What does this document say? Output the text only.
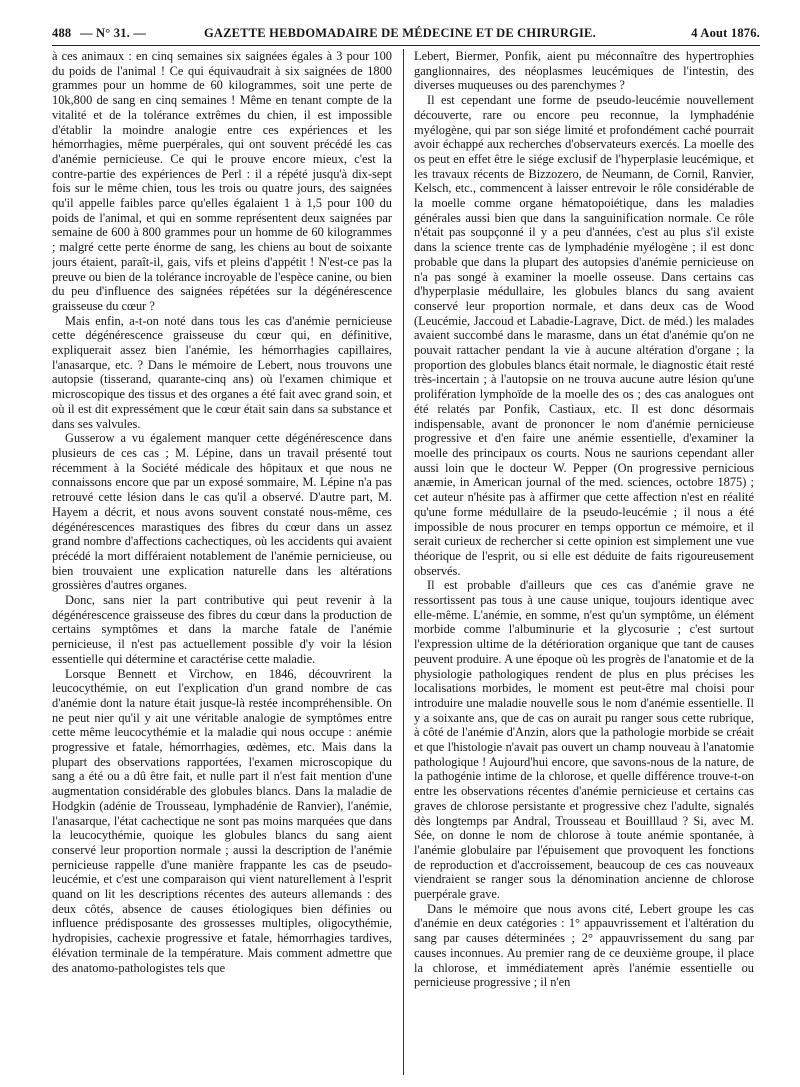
488 — N° 31. —	GAZETTE HEBDOMADAIRE DE MÉDECINE ET DE CHIRURGIE.	4 Aout 1876.

à ces animaux : en cinq semaines six saignées égales à 3 pour 100 du poids de l'animal ! Ce qui équivaudrait à six saignées de 1800 grammes pour un homme de 60 kilogrammes, soit une perte de 10k,800 de sang en cinq semaines ! Même en tenant compte de la vitalité et de la tolérance extrêmes du chien, il est impossible d'établir la moindre analogie entre ces expériences et les hémorrhagies, même puerpérales, qui ont souvent précédé les cas d'anémie pernicieuse. Ce qui le prouve encore mieux, c'est la contre-partie des expériences de Perl : il a répété jusqu'à dix-sept fois sur le même chien, tous les trois ou quatre jours, des saignées qu'il appelle faibles parce qu'elles égalaient 1 à 1,5 pour 100 du poids de l'animal, et qui en somme représentent deux saignées par semaine de 600 à 800 grammes pour un homme de 60 kilogrammes ; malgré cette perte énorme de sang, les chiens au bout de soixante jours étaient, paraît-il, gais, vifs et pleins d'appétit ! N'est-ce pas la preuve ou bien de la tolérance incroyable de l'espèce canine, ou bien du peu d'influence des saignées répétées sur la dégénérescence graisseuse du cœur ?

Mais enfin, a-t-on noté dans tous les cas d'anémie pernicieuse cette dégénérescence graisseuse du cœur qui, en définitive, expliquerait assez bien l'anémie, les hémorrhagies capillaires, l'anasarque, etc. ? Dans le mémoire de Lebert, nous trouvons une autopsie (tisserand, quarante-cinq ans) où l'examen chimique et microscopique des tissus et des organes a été fait avec grand soin, et où il est dit expressément que le cœur était sain dans sa substance et dans ses valvules.

Gusserow a vu également manquer cette dégénérescence dans plusieurs de ces cas ; M. Lépine, dans un travail présenté tout récemment à la Société médicale des hôpitaux et que nous ne connaissons encore que par un exposé sommaire, M. Lépine n'a pas retrouvé cette lésion dans le cas qu'il a observé. D'autre part, M. Hayem a décrit, et nous avons souvent constaté nous-même, ces dégénérescences marastiques des fibres du cœur dans un assez grand nombre d'affections cachectiques, où les accidents qui avaient précédé la mort différaient notablement de l'anémie pernicieuse, ou bien trouvaient une explication naturelle dans les altérations grossières d'autres organes.

Donc, sans nier la part contributive qui peut revenir à la dégénérescence graisseuse des fibres du cœur dans la production de certains symptômes et dans la marche fatale de l'anémie pernicieuse, il n'est pas actuellement possible d'y voir la lésion essentielle qui détermine et caractérise cette maladie.

Lorsque Bennett et Virchow, en 1846, découvrirent la leucocythémie, on eut l'explication d'un grand nombre de cas d'anémie dont la nature était jusque-là restée incompréhensible. On ne peut nier qu'il y ait une véritable analogie de symptômes entre cette même leucocythémie et la maladie qui nous occupe : anémie progressive et fatale, hémorrhagies, œdèmes, etc. Mais dans la plupart des observations rapportées, l'examen microscopique du sang a été ou a dû être fait, et nulle part il n'est fait mention d'une augmentation considérable des globules blancs. Dans la maladie de Hodgkin (adénie de Trousseau, lymphadénie de Ranvier), l'anémie, l'anasarque, l'état cachectique ne sont pas moins marquées que dans la leucocythémie, quoique les globules blancs du sang aient conservé leur proportion normale ; aussi la description de l'anémie pernicieuse rappelle d'une manière frappante les cas de pseudo-leucémie, et c'est une comparaison qui vient naturellement à l'esprit quand on lit les descriptions récentes des auteurs allemands : des deux côtés, absence de causes étiologiques bien définies ou influence prédisposante des grossesses multiples, oligocythémie, hydropisies, cachexie progressive et fatale, hémorrhagies tardives, élévation terminale de la température. Mais comment admettre que des anatomo-pathologistes tels que

Lebert, Biermer, Ponfik, aient pu méconnaître des hypertrophies ganglionnaires, des néoplasmes leucémiques de l'intestin, des diverses muqueuses ou des parenchymes ?

Il est cependant une forme de pseudo-leucémie nouvellement découverte, rare ou encore peu reconnue, la lymphadénie myélogène, qui par son siége limité et profondément caché pourrait avoir échappé aux recherches d'observateurs exercés. La moelle des os peut en effet être le siége exclusif de l'hyperplasie leucémique, et les travaux récents de Bizzozero, de Neumann, de Cornil, Ranvier, Kelsch, etc., commencent à laisser entrevoir le rôle considérable de la moelle comme organe hématopoiétique, dans les maladies générales aussi bien que dans la sanguinification normale. Ce rôle n'était pas soupçonné il y a peu d'années, c'est au plus s'il existe dans la science trente cas de lymphadénie myélogène ; il est donc probable que dans la plupart des autopsies d'anémie pernicieuse on n'a pas songé à examiner la moelle osseuse. Dans certains cas d'hyperplasie médullaire, les globules blancs du sang avaient conservé leur proportion normale, et dans deux cas de Wood (Leucémie, Jaccoud et Labadie-Lagrave, Dict. de méd.) les malades avaient succombé dans le marasme, dans un état d'anémie qu'on ne pouvait rattacher pendant la vie à aucune altération d'organe ; la proportion des globules blancs était normale, le diagnostic était resté très-incertain ; à l'autopsie on ne trouva aucune autre lésion qu'une prolifération lymphoïde de la moelle des os ; des cas analogues ont été relatés par Ponfik, Castiaux, etc. Il est donc désormais indispensable, avant de prononcer le nom d'anémie pernicieuse progressive et d'en faire une anémie essentielle, d'examiner la moelle des principaux os courts. Nous ne saurions cependant aller aussi loin que le docteur W. Pepper (On progressive pernicious anæmie, in American journal of the med. sciences, octobre 1875) ; cet auteur n'hésite pas à affirmer que cette affection n'est en réalité qu'une forme médullaire de la pseudo-leucémie ; il nous a été impossible de nous procurer en temps opportun ce mémoire, et il serait curieux de rechercher si cette opinion est simplement une vue théorique de l'esprit, ou si elle est déduite de faits rigoureusement observés.

Il est probable d'ailleurs que ces cas d'anémie grave ne ressortissent pas tous à une cause unique, toujours identique avec elle-même. L'anémie, en somme, n'est qu'un symptôme, un élément morbide comme l'albuminurie et la glycosurie ; c'est surtout l'expression ultime de la détérioration organique que tant de causes peuvent produire. A une époque où les progrès de l'anatomie et de la physiologie pathologiques rendent de plus en plus précises les localisations morbides, le moment est peut-être mal choisi pour introduire une maladie nouvelle sous le nom d'anémie essentielle. Il y a soixante ans, que de cas on aurait pu ranger sous cette rubrique, à côté de l'anémie d'Anzin, alors que la pathologie morbide se créait et que l'histologie n'avait pas ouvert un champ nouveau à l'anatomie pathologique ! Aujourd'hui encore, que savons-nous de la nature, de la pathogénie intime de la chlorose, et quelle différence trouve-t-on entre les observations récentes d'anémie pernicieuse et certains cas graves de chlorose persistante et progressive chez l'adulte, signalés dès longtemps par Andral, Trousseau et Bouilllaud ? Si, avec M. Sée, on donne le nom de chlorose à toute anémie spontanée, à l'anémie globulaire par l'épuisement que provoquent les fonctions de reproduction et d'accroissement, beaucoup de ces cas nouveaux viendraient se ranger sous la dénomination ancienne de chlorose puerpérale grave.

Dans le mémoire que nous avons cité, Lebert groupe les cas d'anémie en deux catégories : 1° appauvrissement et l'altération du sang par causes déterminées ; 2° appauvrissement du sang par causes inconnues. Au premier rang de ce deuxième groupe, il place la chlorose, et immédiatement après l'anémie essentielle ou pernicieuse progressive ; il n'en
